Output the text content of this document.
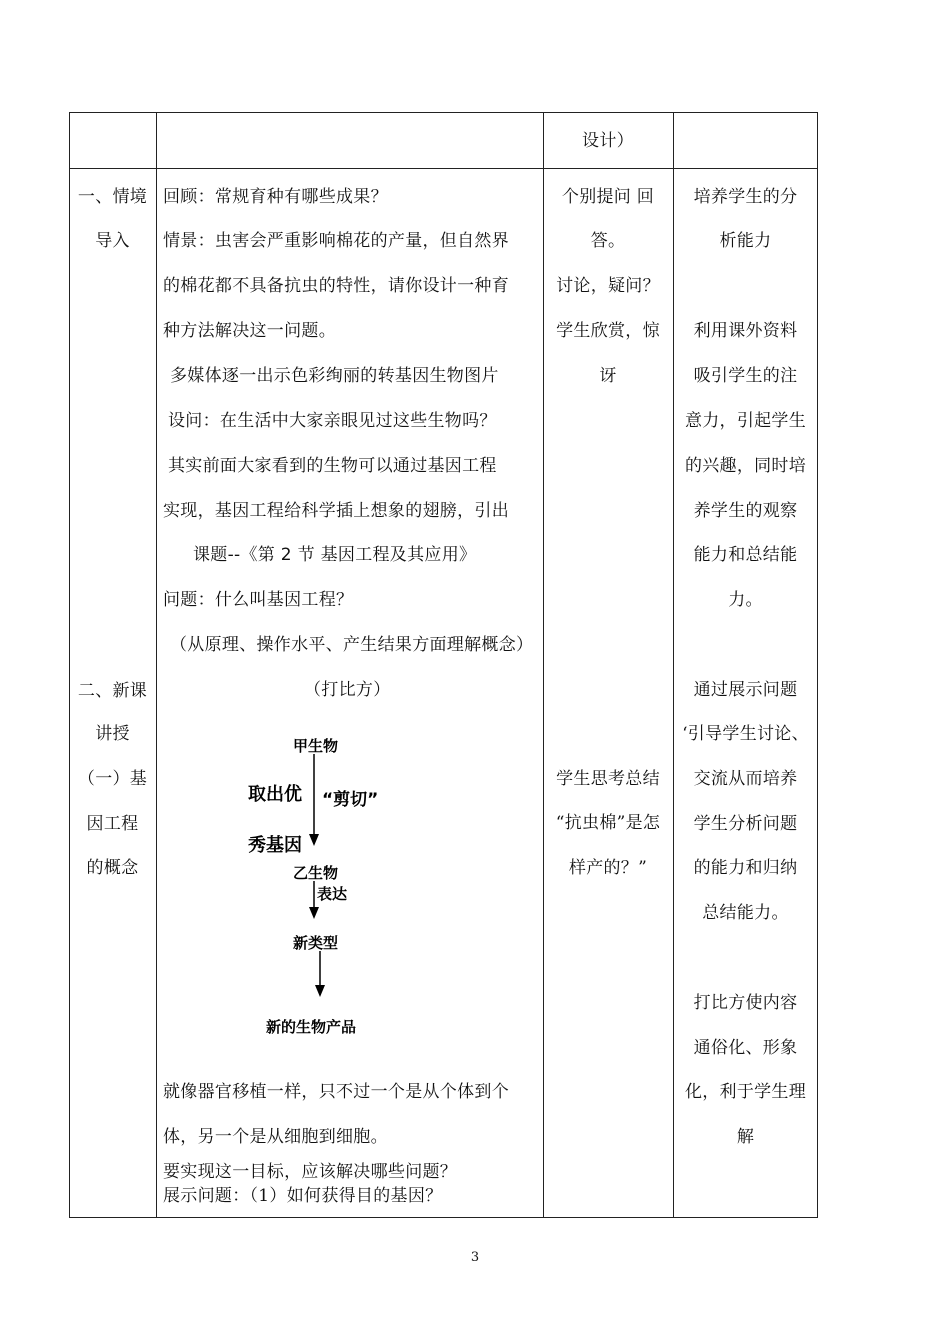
设计）
一、情境
导入
二、新课
讲授
（一）基
因工程
的概念
回顾：常规育种有哪些成果？
情景：虫害会严重影响棉花的产量，但自然界
的棉花都不具备抗虫的特性，请你设计一种育
种方法解决这一问题。
多媒体逐一出示色彩绚丽的转基因生物图片
设问：在生活中大家亲眼见过这些生物吗？
其实前面大家看到的生物可以通过基因工程
实现，基因工程给科学插上想象的翅膀，引出
课题--《第 2 节 基因工程及其应用》
问题：什么叫基因工程？
（从原理、操作水平、产生结果方面理解概念）
（打比方）
甲生物
取出优 “剪切”
秀基因
乙生物
表达
新类型
新的生物产品
就像器官移植一样，只不过一个是从个体到个
体，另一个是从细胞到细胞。
要实现这一目标，应该解决哪些问题？
展示问题：（1）如何获得目的基因？
个别提问 回
答。
讨论，疑问？
学生欣赏，惊
讶
学生思考总结
“抗虫棉”是怎
样产的？”
培养学生的分
析能力
利用课外资料
吸引学生的注
意力，引起学生
的兴趣，同时培
养学生的观察
能力和总结能
力。
通过展示问题
‘引导学生讨论、
交流从而培养
学生分析问题
的能力和归纳
总结能力。
打比方使内容
通俗化、形象
化，利于学生理
解
3
